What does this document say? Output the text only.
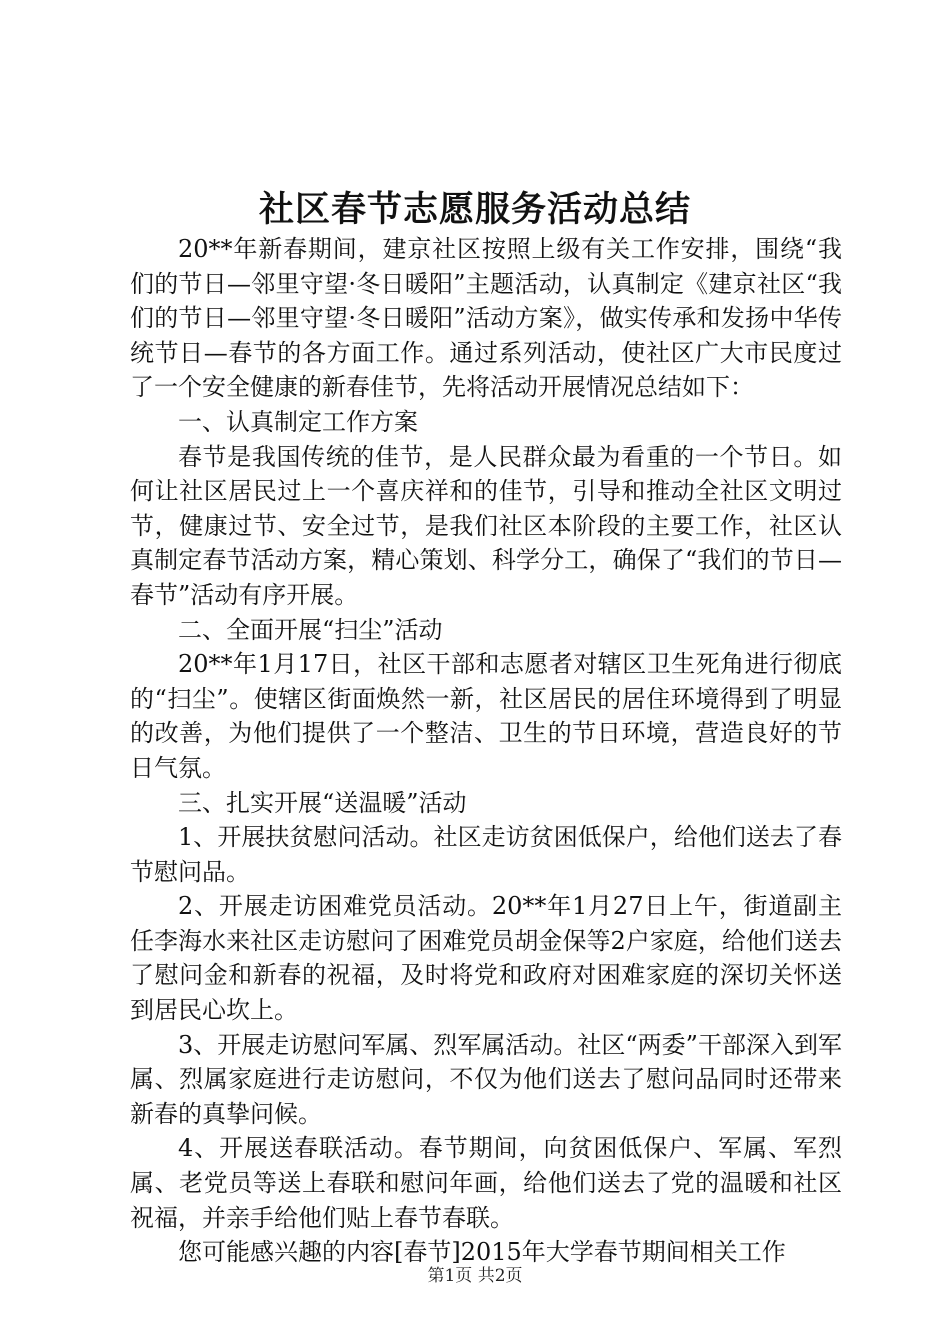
社区春节志愿服务活动总结

20**年新春期间，建京社区按照上级有关工作安排，围绕“我们的节日—邻里守望·冬日暖阳”主题活动，认真制定《建京社区“我们的节日—邻里守望·冬日暖阳”活动方案》，做实传承和发扬中华传统节日—春节的各方面工作。通过系列活动，使社区广大市民度过了一个安全健康的新春佳节，先将活动开展情况总结如下：

一、认真制定工作方案

春节是我国传统的佳节，是人民群众最为看重的一个节日。如何让社区居民过上一个喜庆祥和的佳节，引导和推动全社区文明过节，健康过节、安全过节，是我们社区本阶段的主要工作，社区认真制定春节活动方案，精心策划、科学分工，确保了“我们的节日—春节”活动有序开展。

二、全面开展“扫尘”活动

20**年1月17日，社区干部和志愿者对辖区卫生死角进行彻底的“扫尘”。使辖区街面焕然一新，社区居民的居住环境得到了明显的改善，为他们提供了一个整洁、卫生的节日环境，营造良好的节日气氛。

三、扎实开展“送温暖”活动

1、开展扶贫慰问活动。社区走访贫困低保户，给他们送去了春节慰问品。

2、开展走访困难党员活动。20**年1月27日上午，街道副主任李海水来社区走访慰问了困难党员胡金保等2户家庭，给他们送去了慰问金和新春的祝福，及时将党和政府对困难家庭的深切关怀送到居民心坎上。

3、开展走访慰问军属、烈军属活动。社区“两委”干部深入到军属、烈属家庭进行走访慰问，不仅为他们送去了慰问品同时还带来新春的真挚问候。

4、开展送春联活动。春节期间，向贫困低保户、军属、军烈属、老党员等送上春联和慰问年画，给他们送去了党的温暖和社区祝福，并亲手给他们贴上春节春联。

您可能感兴趣的内容[春节]2015年大学春节期间相关工作

第1页 共2页
